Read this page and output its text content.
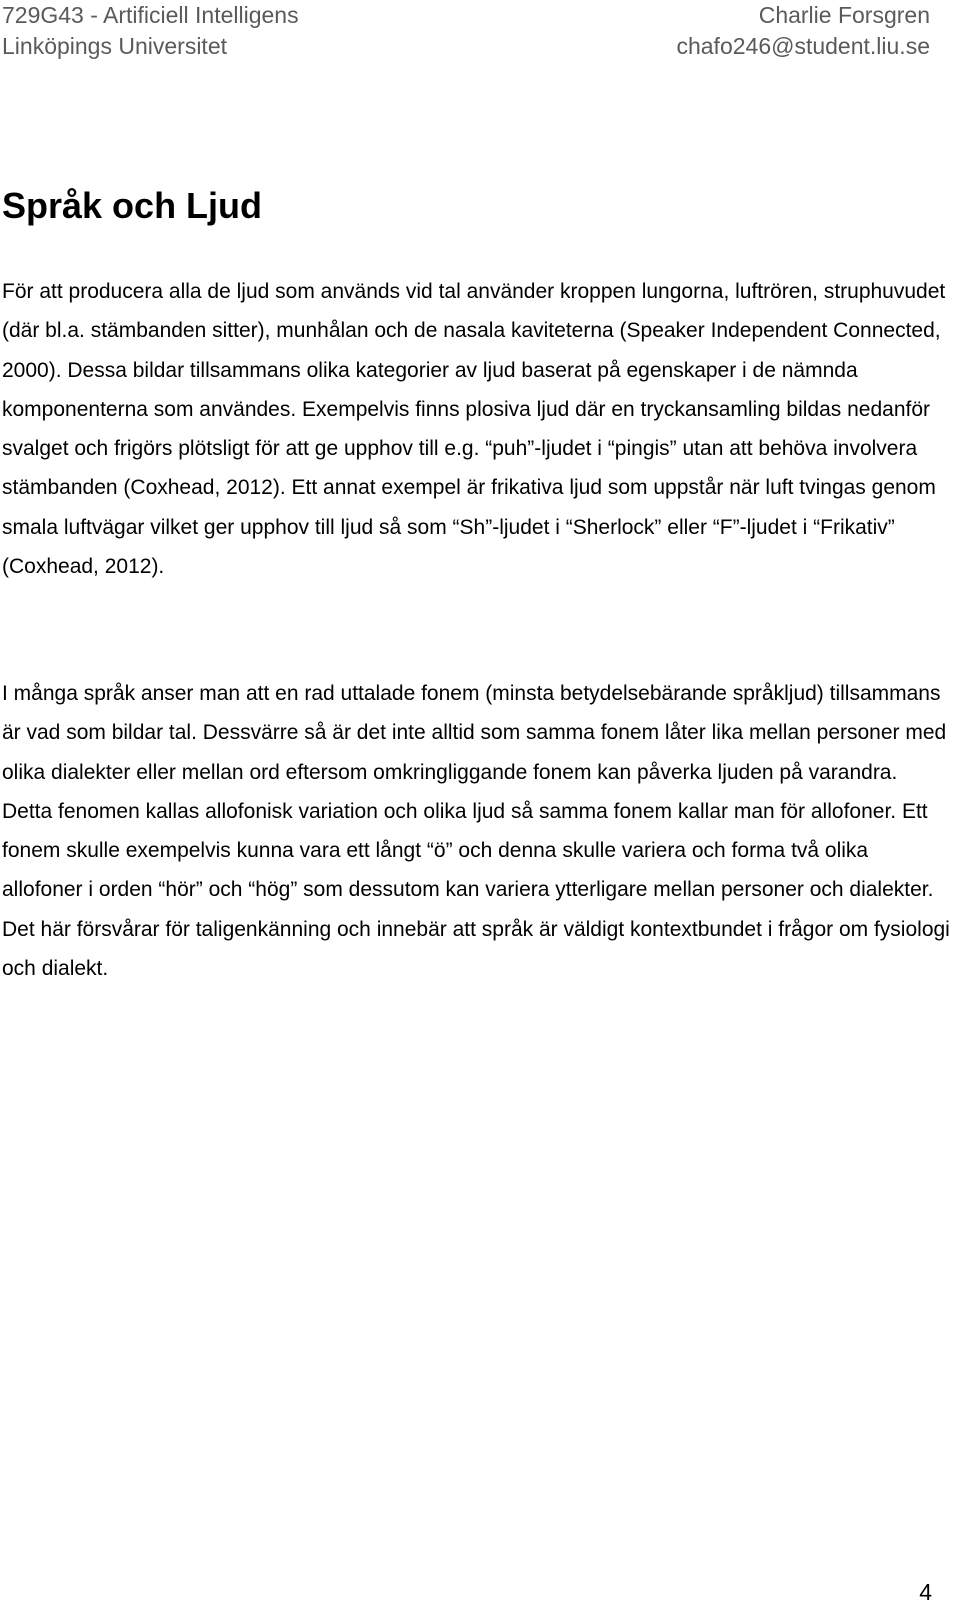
729G43 - Artificiell Intelligens
Linköpings Universitet
Charlie Forsgren
chafo246@student.liu.se
Språk och Ljud

För att producera alla de ljud som används vid tal använder kroppen lungorna, luftrören, struphuvudet (där bl.a. stämbanden sitter), munhålan och de nasala kaviteterna (Speaker Independent Connected, 2000). Dessa bildar tillsammans olika kategorier av ljud baserat på egenskaper i de nämnda komponenterna som användes. Exempelvis finns plosiva ljud där en tryckansamling bildas nedanför svalget och frigörs plötsligt för att ge upphov till e.g. “puh”-ljudet i “pingis” utan att behöva involvera stämbanden (Coxhead, 2012). Ett annat exempel är frikativa ljud som uppstår när luft tvingas genom smala luftvägar vilket ger upphov till ljud så som “Sh”-ljudet i “Sherlock” eller “F”-ljudet i “Frikativ” (Coxhead, 2012).

I många språk anser man att en rad uttalade fonem (minsta betydelsebärande språkljud) tillsammans är vad som bildar tal. Dessvärre så är det inte alltid som samma fonem låter lika mellan personer med olika dialekter eller mellan ord eftersom omkringliggande fonem kan påverka ljuden på varandra. Detta fenomen kallas allofonisk variation och olika ljud så samma fonem kallar man för allofoner. Ett fonem skulle exempelvis kunna vara ett långt “ö” och denna skulle variera och forma två olika allofoner i orden “hör” och “hög” som dessutom kan variera ytterligare mellan personer och dialekter. Det här försvårar för taligenkänning och innebär att språk är väldigt kontextbundet i frågor om fysiologi och dialekt.

4
